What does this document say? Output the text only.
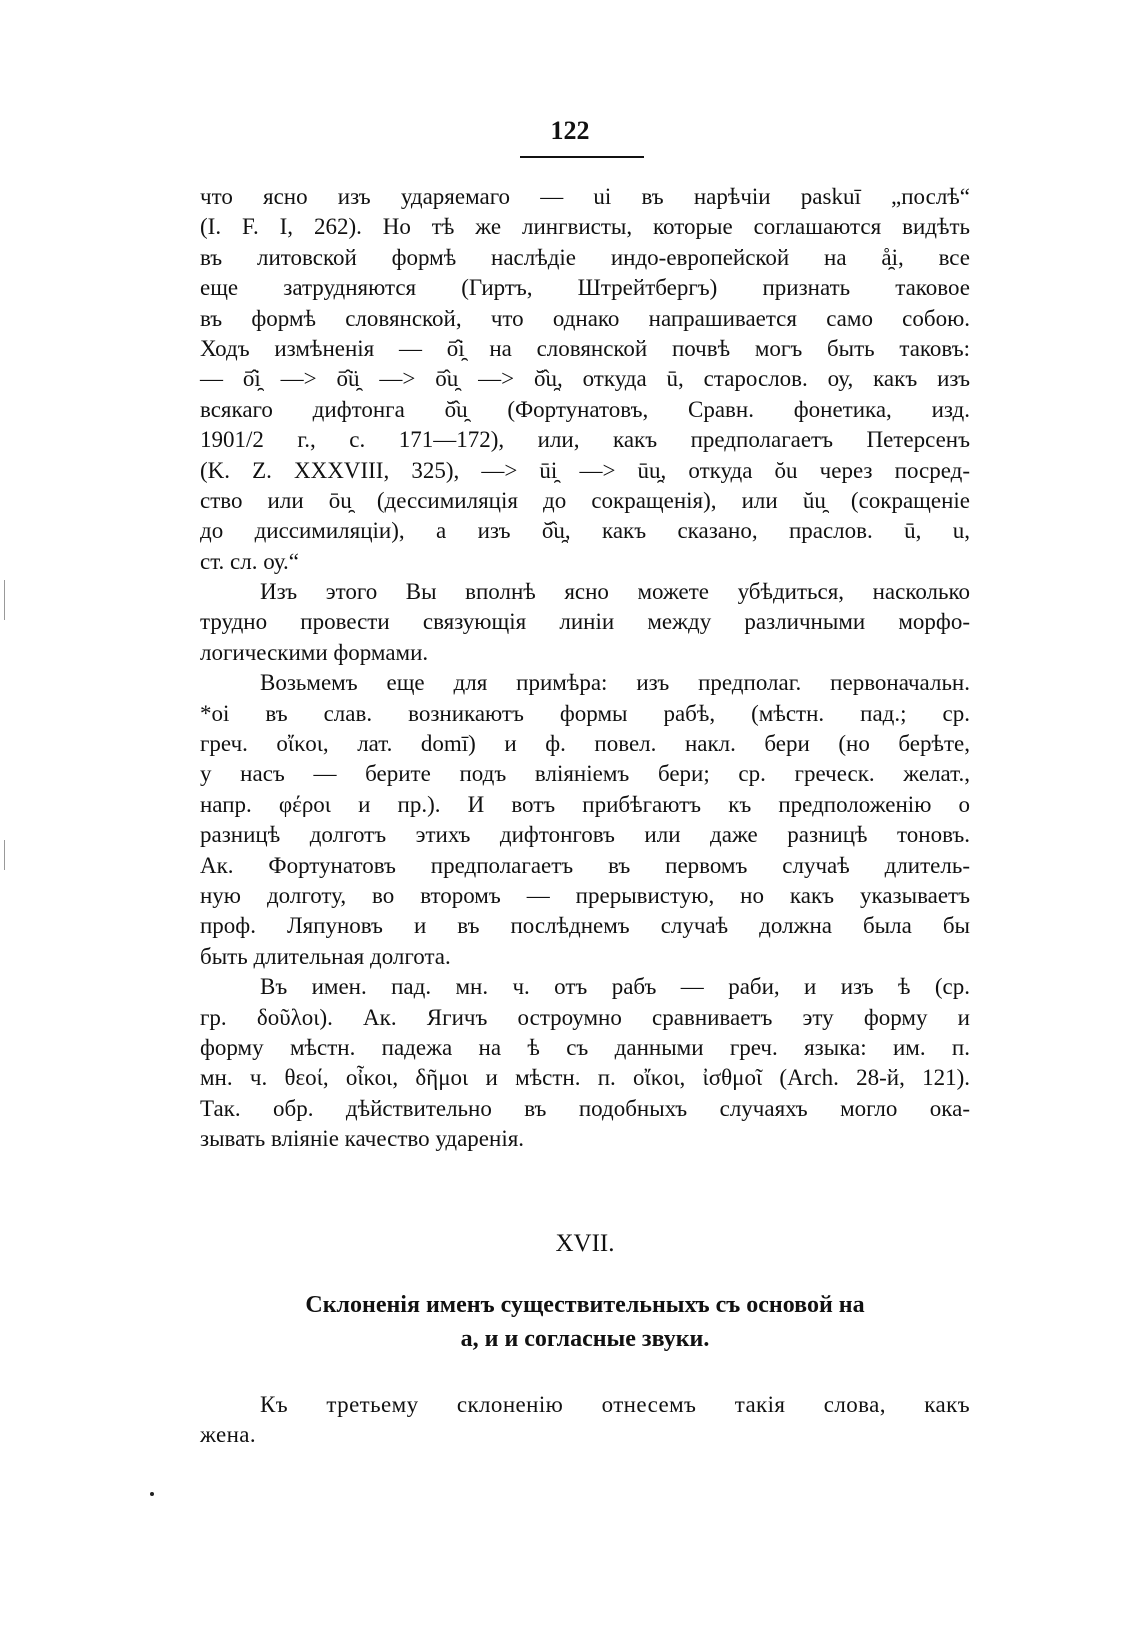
122
что ясно изъ ударяемаго — ui въ нарѣчіи paskuī „послѣ“
(I. F. I, 262). Но тѣ же лингвисты, которые соглашаются видѣть
въ литовской формѣ наслѣдіе индо-европейской на å̯i, все
еще затрудняются (Гиртъ, Штрейтбергъ) признать таковое
въ формѣ словянской, что однако напрашивается само собою.
Ходъ измѣненія — ō̂i̯ на словянской почвѣ могъ быть таковъ:
— ō̂i̯ —> ō̂ü̯ —> ō̂u̯ —> ŏ̂u̯, откуда ū, старослов. оу, какъ изъ
всякаго дифтонга ŏ̂u̯ (Фортунатовъ, Сравн. фонетика, изд.
1901/2 г., с. 171—172), или, какъ предполагаетъ Петерсенъ
(K. Z. XXXVIII, 325), —> ūi̯ —> ūu̯, откуда ŏu через посред-
ство или ōu̯ (дессимиляція до сокращенія), или ŭu̯ (сокращеніе
до диссимиляціи), а изъ ŏ̂u̯, какъ сказано, праслов. ū, u,
ст. сл. оу.“
Изъ этого Вы вполнѣ ясно можете убѣдиться, насколько
трудно провести связующія линіи между различными морфо-
логическими формами.
Возьмемъ еще для примѣра: изъ предполаг. первоначальн.
*oi въ слав. возникаютъ формы рабѣ, (мѣстн. пад.; ср.
греч. οἴκοι, лат. domī) и ф. повел. накл. бери (но берѣте,
у насъ — берите подъ вліяніемъ бери; ср. греческ. желат.,
напр. φέροι и пр.). И вотъ прибѣгаютъ къ предположенію о
разницѣ долготъ этихъ дифтонговъ или даже разницѣ тоновъ.
Ак. Фортунатовъ предполагаетъ въ первомъ случаѣ длитель-
ную долготу, во второмъ — прерывистую, но какъ указываетъ
проф. Ляпуновъ и въ послѣднемъ случаѣ должна была бы
быть длительная долгота.
Въ имен. пад. мн. ч. отъ рабъ — раби, и изъ ѣ (ср.
гр. δοῦλοι). Ак. Ягичъ остроумно сравниваетъ эту форму и
форму мѣстн. падежа на ѣ съ данными греч. языка: им. п.
мн. ч. θεοί, οἶκοι, δῆμοι и мѣстн. п. οἴκοι, ἰσθμοῖ (Arch. 28-й, 121).
Так. обр. дѣйствительно въ подобныхъ случаяхъ могло ока-
зывать вліяніе качество ударенія.
XVII.
Склоненія именъ существительныхъ съ основой на
a, и и согласные звуки.
Къ третьему склоненію отнесемъ такія слова, какъ
жена.
